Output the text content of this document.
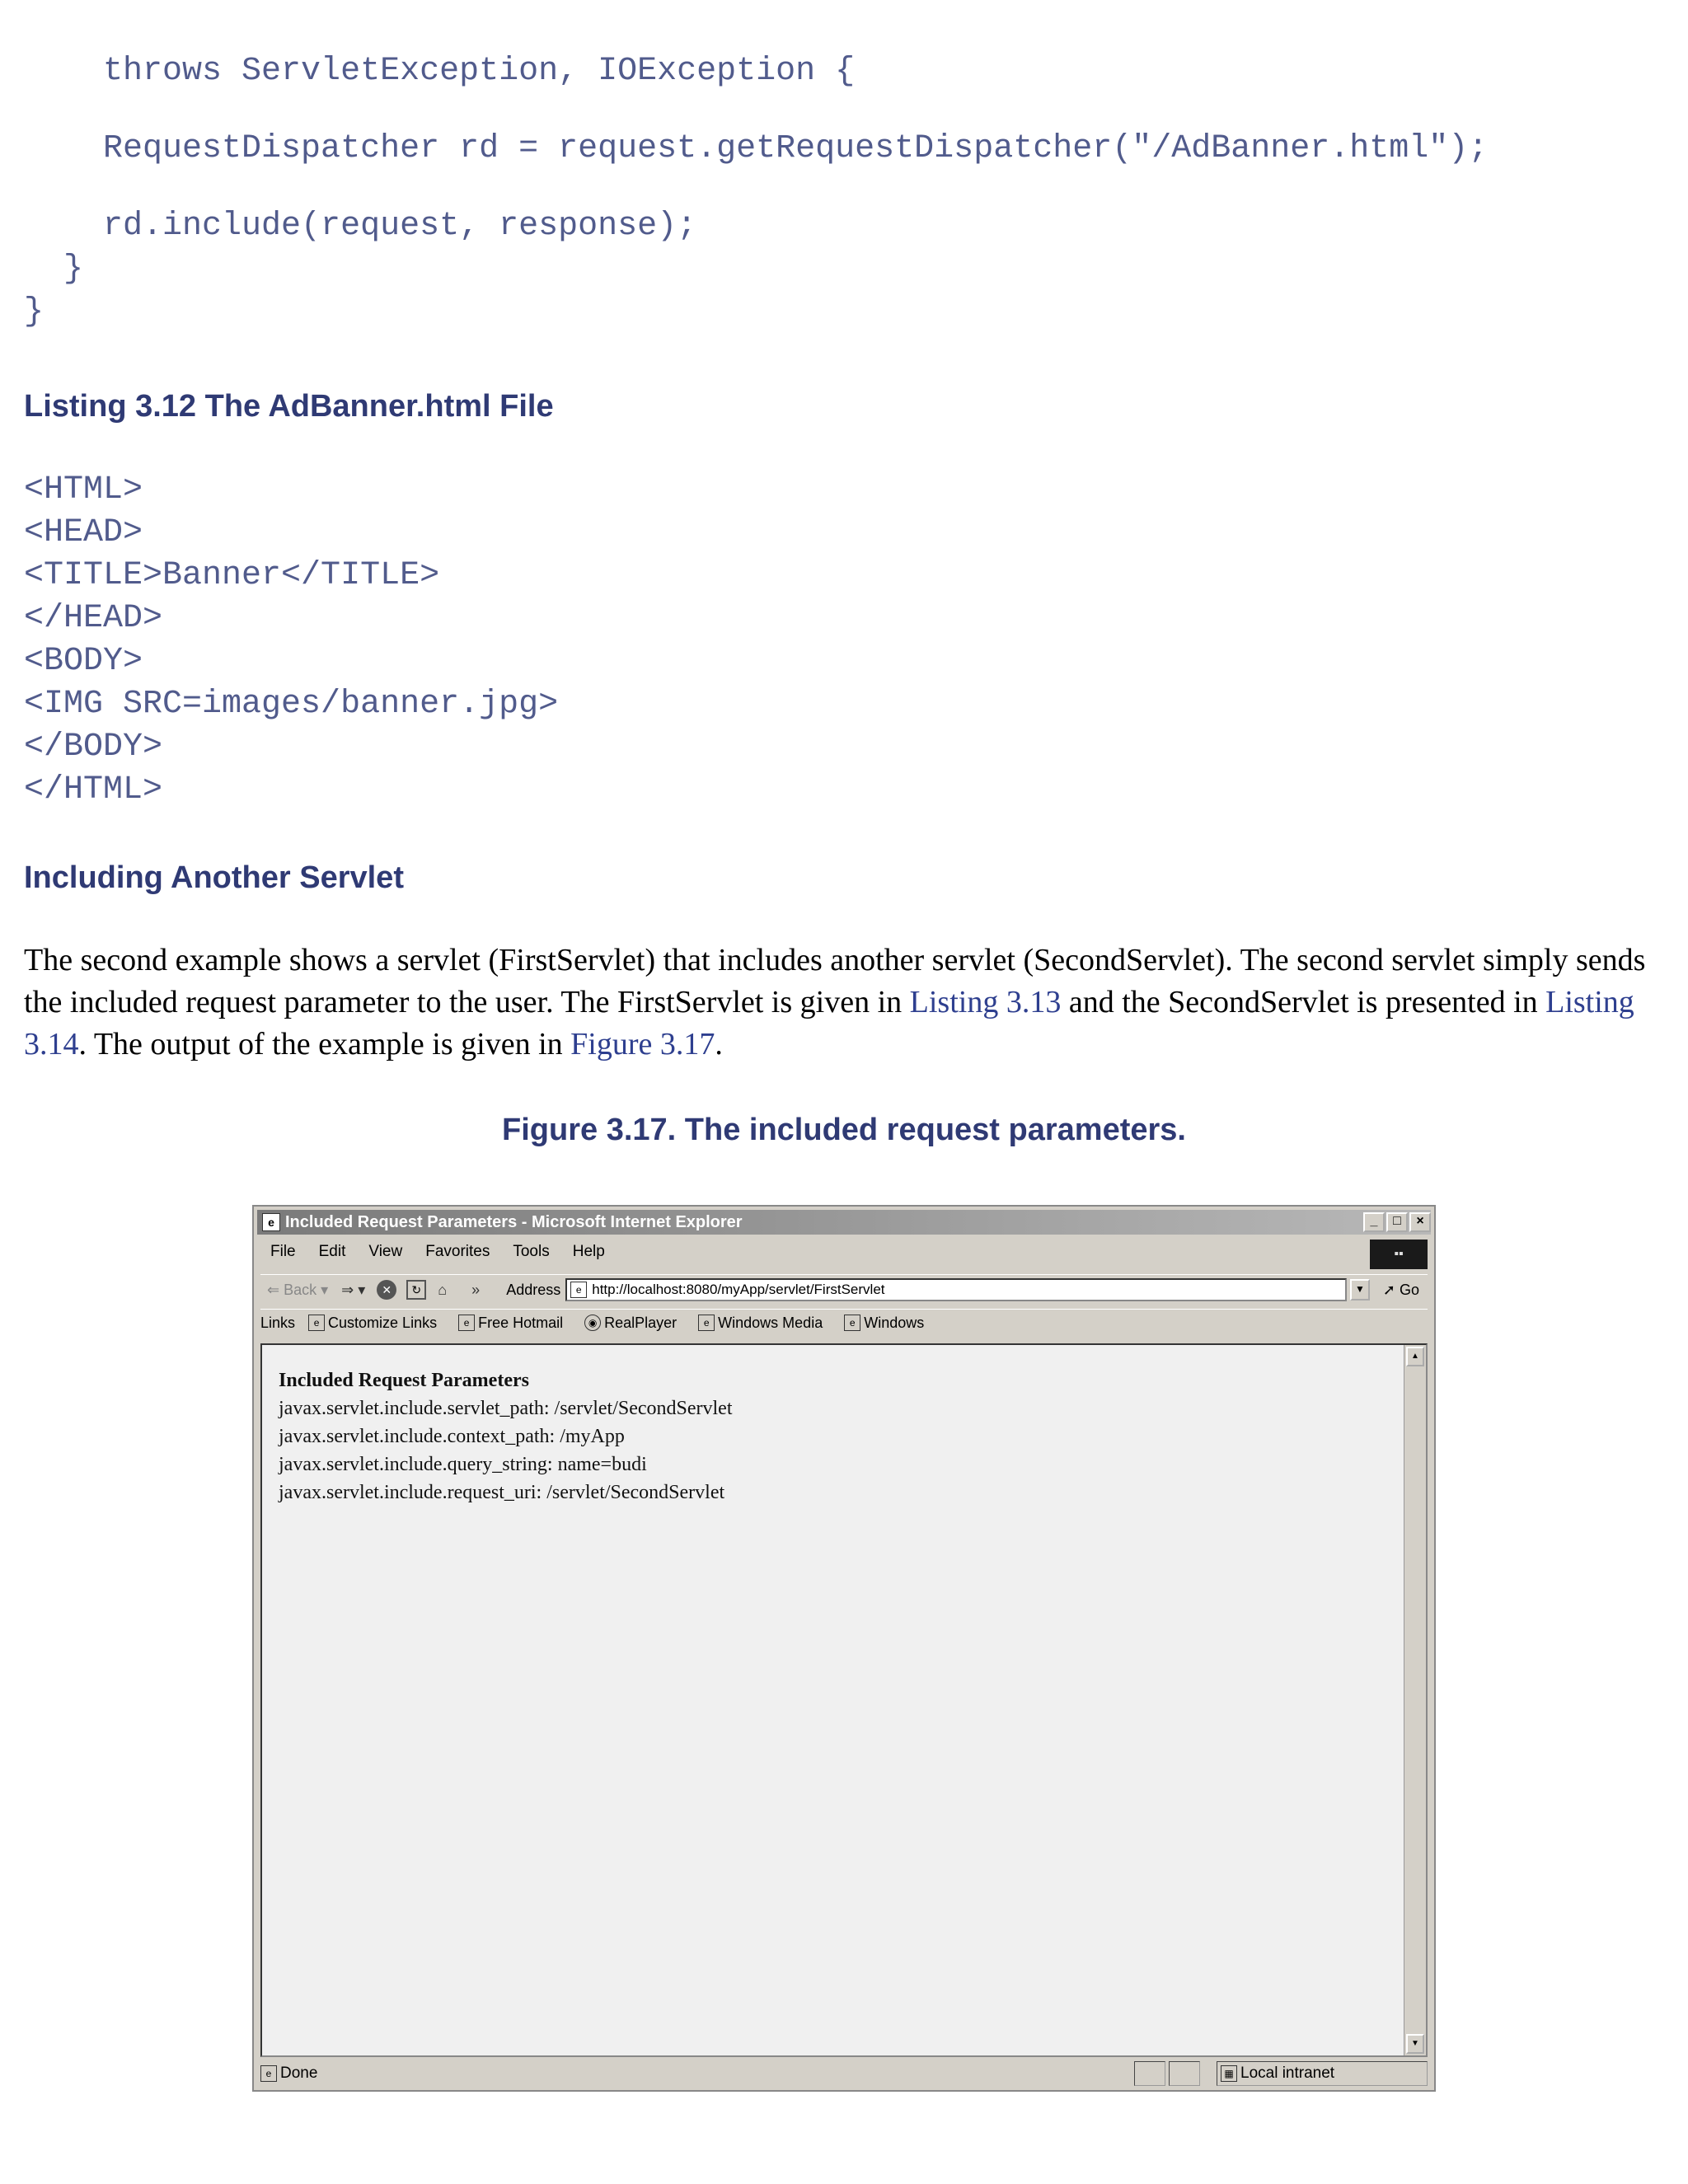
throws ServletException, IOException {
RequestDispatcher rd = request.getRequestDispatcher("/AdBanner.html");
rd.include(request, response);
}
}
Listing 3.12 The AdBanner.html File
<HTML>
<HEAD>
<TITLE>Banner</TITLE>
</HEAD>
<BODY>
<IMG SRC=images/banner.jpg>
</BODY>
</HTML>
Including Another Servlet

The second example shows a servlet (FirstServlet) that includes another servlet (SecondServlet). The second servlet simply sends the included request parameter to the user. The FirstServlet is given in Listing 3.13 and the SecondServlet is presented in Listing 3.14. The output of the example is given in Figure 3.17.

Figure 3.17. The included request parameters.
e Included Request Parameters - Microsoft Internet Explorer	_	□	×
File Edit View Favorites Tools Help	▪▪
⇐ Back ▾ ⇒ ▾	✕	↻	⌂ » Address	e http://localhost:8080/myApp/servlet/FirstServlet	▼	➚ Go
Links	e Customize Links	e Free Hotmail	◉ RealPlayer	e Windows Media	e Windows
Included Request Parameters
javax.servlet.include.servlet_path: /servlet/SecondServlet
javax.servlet.include.context_path: /myApp
javax.servlet.include.query_string: name=budi
javax.servlet.include.request_uri: /servlet/SecondServlet
▲
▼
e Done	▦ Local intranet
